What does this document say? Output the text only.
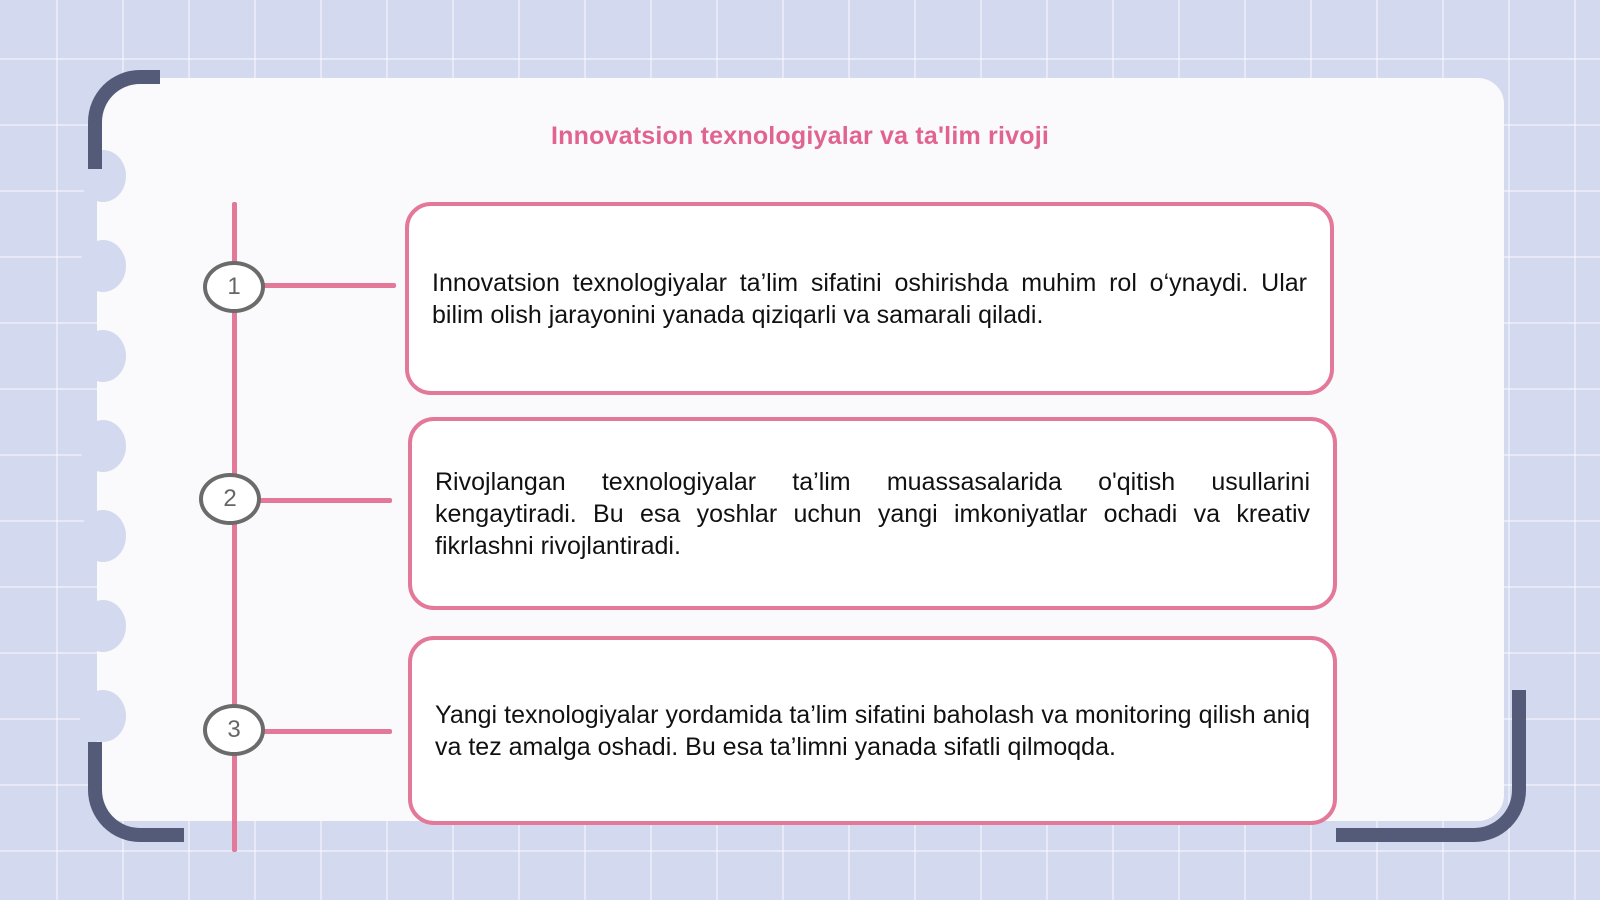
Innovatsion texnologiyalar va ta'lim rivoji
1
2
3

Innovatsion texnologiyalar ta’lim sifatini oshirishda muhim rol o‘ynaydi. Ular bilim olish jarayonini yanada qiziqarli va samarali qiladi.

Rivojlangan texnologiyalar ta’lim muassasalarida o'qitish usullarini kengaytiradi. Bu esa yoshlar uchun yangi imkoniyatlar ochadi va kreativ fikrlashni rivojlantiradi.

Yangi texnologiyalar yordamida ta’lim sifatini baholash va monitoring qilish aniq va tez amalga oshadi. Bu esa ta’limni yanada sifatli qilmoqda.
